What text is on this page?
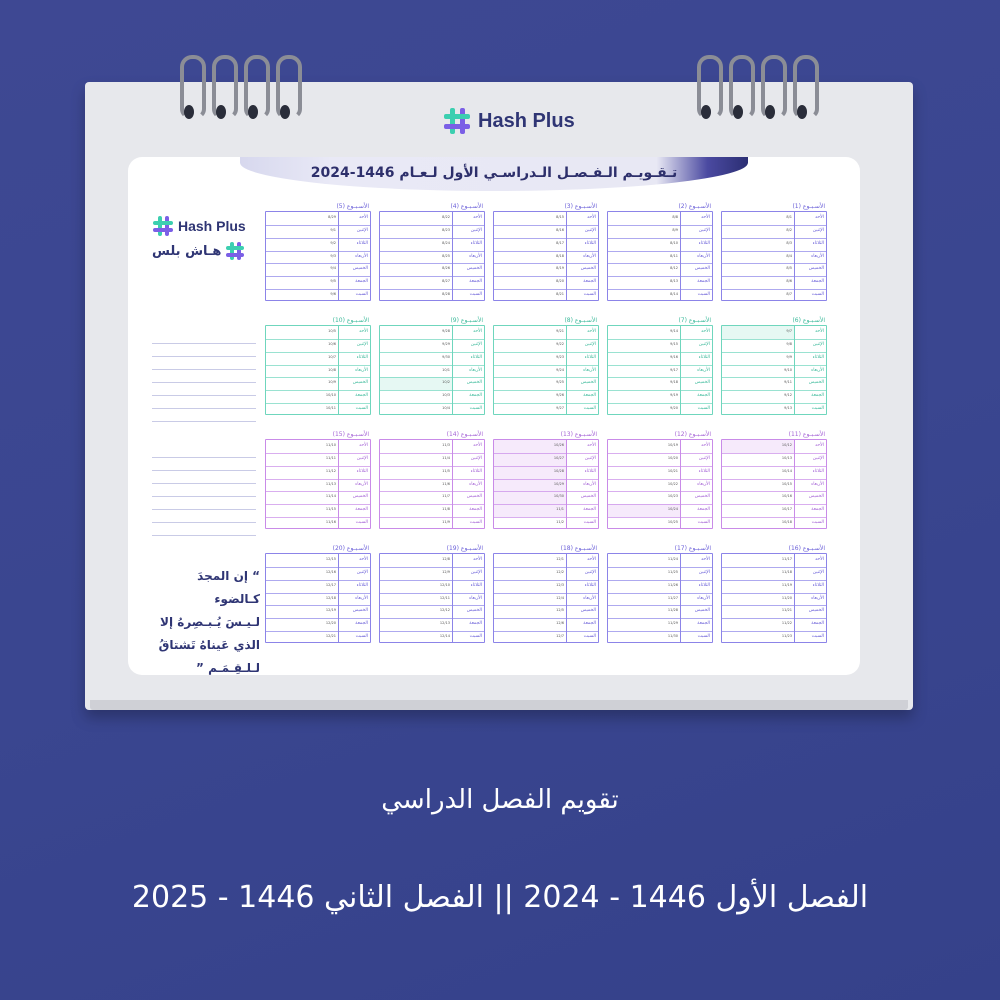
Hash Plus
تـقـويـم الـفـصـل الـدراسـي الأول لـعـام 1446-2024
Hash Plus
هـاش بلس
“ إن المجدَ كـالضوء
لـيـسَ يُـبـصِرهُ إلا
الذي عَيناهُ تَشتاقُ
لـلـقِـمَـمِ ”
الأسـبـوع (1)
الأحد
8/1
الإثنين
8/2
الثلاثاء
8/3
الأربعاء
8/4
الخميس
8/5
الجمعة
8/6
السبت
8/7
الأسـبـوع (2)
الأحد
8/8
الإثنين
8/9
الثلاثاء
8/10
الأربعاء
8/11
الخميس
8/12
الجمعة
8/13
السبت
8/14
الأسـبـوع (3)
الأحد
8/15
الإثنين
8/16
الثلاثاء
8/17
الأربعاء
8/18
الخميس
8/19
الجمعة
8/20
السبت
8/21
الأسـبـوع (4)
الأحد
8/22
الإثنين
8/23
الثلاثاء
8/24
الأربعاء
8/25
الخميس
8/26
الجمعة
8/27
السبت
8/28
الأسـبـوع (5)
الأحد
8/29
الإثنين
9/1
الثلاثاء
9/2
الأربعاء
9/3
الخميس
9/4
الجمعة
9/5
السبت
9/6
الأسـبـوع (6)
الأحد
9/7
الإثنين
9/8
الثلاثاء
9/9
الأربعاء
9/10
الخميس
9/11
الجمعة
9/12
السبت
9/13
الأسـبـوع (7)
الأحد
9/14
الإثنين
9/15
الثلاثاء
9/16
الأربعاء
9/17
الخميس
9/18
الجمعة
9/19
السبت
9/20
الأسـبـوع (8)
الأحد
9/21
الإثنين
9/22
الثلاثاء
9/23
الأربعاء
9/24
الخميس
9/25
الجمعة
9/26
السبت
9/27
الأسـبـوع (9)
الأحد
9/28
الإثنين
9/29
الثلاثاء
9/30
الأربعاء
10/1
الخميس
10/2
الجمعة
10/3
السبت
10/4
الأسـبـوع (10)
الأحد
10/5
الإثنين
10/6
الثلاثاء
10/7
الأربعاء
10/8
الخميس
10/9
الجمعة
10/10
السبت
10/11
الأسـبـوع (11)
الأحد
10/12
الإثنين
10/13
الثلاثاء
10/14
الأربعاء
10/15
الخميس
10/16
الجمعة
10/17
السبت
10/18
الأسـبـوع (12)
الأحد
10/19
الإثنين
10/20
الثلاثاء
10/21
الأربعاء
10/22
الخميس
10/23
الجمعة
10/24
السبت
10/25
الأسـبـوع (13)
الأحد
10/26
الإثنين
10/27
الثلاثاء
10/28
الأربعاء
10/29
الخميس
10/30
الجمعة
11/1
السبت
11/2
الأسـبـوع (14)
الأحد
11/3
الإثنين
11/4
الثلاثاء
11/5
الأربعاء
11/6
الخميس
11/7
الجمعة
11/8
السبت
11/9
الأسـبـوع (15)
الأحد
11/10
الإثنين
11/11
الثلاثاء
11/12
الأربعاء
11/13
الخميس
11/14
الجمعة
11/15
السبت
11/16
الأسـبـوع (16)
الأحد
11/17
الإثنين
11/18
الثلاثاء
11/19
الأربعاء
11/20
الخميس
11/21
الجمعة
11/22
السبت
11/23
الأسـبـوع (17)
الأحد
11/24
الإثنين
11/25
الثلاثاء
11/26
الأربعاء
11/27
الخميس
11/28
الجمعة
11/29
السبت
11/30
الأسـبـوع (18)
الأحد
12/1
الإثنين
12/2
الثلاثاء
12/3
الأربعاء
12/4
الخميس
12/5
الجمعة
12/6
السبت
12/7
الأسـبـوع (19)
الأحد
12/8
الإثنين
12/9
الثلاثاء
12/10
الأربعاء
12/11
الخميس
12/12
الجمعة
12/13
السبت
12/14
الأسـبـوع (20)
الأحد
12/15
الإثنين
12/16
الثلاثاء
12/17
الأربعاء
12/18
الخميس
12/19
الجمعة
12/20
السبت
12/21
تقويم الفصل الدراسي
الفصل الأول 1446 - 2024 || الفصل الثاني 1446 - 2025
